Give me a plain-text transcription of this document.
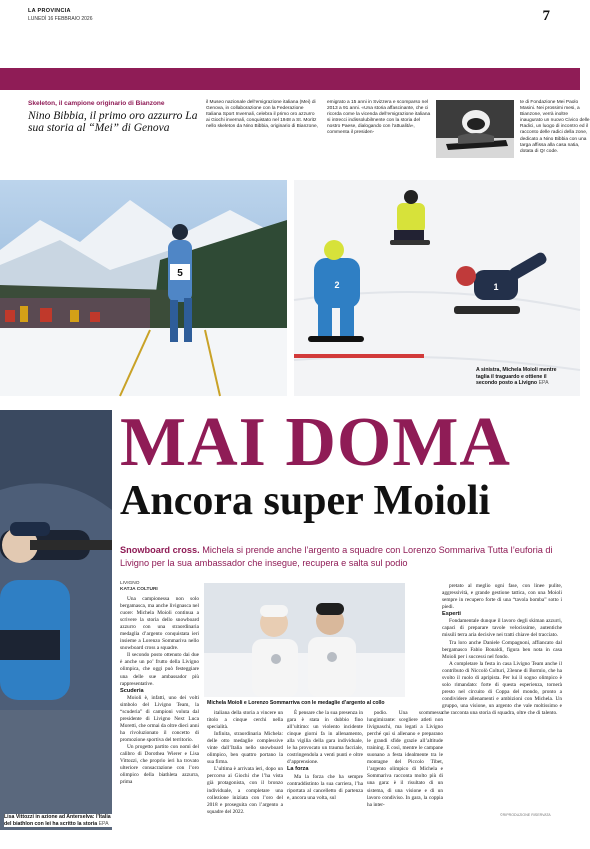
LA PROVINCIA
LUNEDÌ 16 FEBBRAIO 2026	7
Skeleton, il campione originario di Bianzone
Nino Bibbia, il primo oro azzurro La sua storia al “Mei” di Genova
il Museo nazionale dell’emigrazione italiana (Mei) di Genova, in collaborazione con la Federazione Italiana Sport Invernali, celebra il primo oro azzurro ai Giochi invernali, conquistato nel 1948 a St. Moritz nello skeleton da Nino Bibbia, originario di Bianzone,
emigrato a 15 anni in Svizzera e scomparso nel 2013 a 91 anni. «Una storia affascinante, che ci ricorda come la vicenda dell’emigrazione italiana si intrecci indissolubilmente con la storia del nostro Paese, dialogando con l’attualità», commenta il presiden-
te di Fondazione Mei Paolo Masini. Nei prossimi mesi, a Bianzone, verrà inoltre inaugurato un nuovo Civico delle Radici, un luogo di incontro ed il racconto delle radici della zone, dedicato a Nino Bibbia con una targa affissa alla casa natia, dotata di Qr code.
5
2	1
A sinistra, Michela Moioli mentre taglia il traguardo e ottiene il secondo posto a Livigno EPA
Lisa Vittozzi in azione ad Anterselva: l’Italia del biathlon con lei ha scritto la storia EPA
MAI DOMA
Ancora super Moioli
Snowboard cross. Michela si prende anche l’argento a squadre con Lorenzo Sommariva Tutta l’euforia di Livigno per la sua ambassador che insegue, recupera e salta sul podio
LIVIGNO
KATJA COLTURI

Una campionessa non solo bergamasca, ma anche livignasca nel cuore: Michela Moioli continua a scrivere la storia dello snowboard azzurro con una straordinaria medaglia d’argento conquistata ieri insieme a Lorenzo Sommariva nello snowboard cross a squadre.

Il secondo posto ottenuto dai due è anche un po’ frutto della Livigno olimpica, che oggi può festeggiare una delle sue ambassador più rappresentative.

Scuderia

Moioli è, infatti, uno dei volti simbolo del Livigno Team, la “scuderia” di campioni voluta dal presidente di Livigno Next Luca Moretti, che ormai da oltre dieci anni ha rivoluzionato il concetto di promozione sportiva del territorio.

Un progetto partito con nomi del calibro di Dorothea Wierer e Lisa Vittozzi, che proprio ieri ha trovato ulteriore consacrazione con l’oro olimpico della biathleta azzurra, prima

Michela Moioli e Lorenzo Sommarriva con le medaglie d’argento al collo

italiana della storia a vincere un titolo a cinque cerchi nella specialità.

Infinita, straordinaria Michela: delle otto medaglie complessive vinte dall’Italia nello snowboard olimpico, ben quattro portano la sua firma.

L’ultima è arrivata ieri, dopo un percorso ai Giochi che l’ha vista già protagonista, con il bronzo individuale, a completare una collezione iniziata con l’oro del 2018 e proseguita con l’argento a squadre del 2022.

È pensare che la sua presenza in gara è stata in dubbio fino all’ultimo: un violento incidente cinque giorni fa in allenamento, alla vigilia della gara individuale, le ha provocato un trauma facciale, costringendola a venti punti e oltre d’apprensione.

La forza

Ma la forza che ha sempre contraddistinto la sua carriera, l’ha riportata al cancelletto di partenza e, ancora una volta, sul

podio. Una scommessa lungimirante: scegliere atleti non livignaschi, ma legati a Livigno perché qui si allenano e preparano le grandi sfide grazie all’altitude training. E così, mentre le campane suonano a festa idealmente tra le montagne del Piccolo Tibet, l’argento olimpico di Michela e Sommariva racconta molto più di una gara: è il risultato di un sistema, di una visione e di un lavoro condiviso. In gara, la coppia ha inter-

pretato al meglio ogni fase, con linee pulite, aggressività, e grande gestione tattica, con una Moioli sempre in recupero forte di una “tavola bomba” sotto i piedi.

Esperti

Fondamentale dunque il lavoro degli skiman azzurri, capaci di preparare tavole velocissime, autentiche missili terra aria decisive nei tratti chiave del tracciato.

Tra loro anche Daniele Compagnoni, affiancato dal bergamasco Fabio Bonaldi, figura ben nota in casa Moioli per i successi nel fondo.

A completare la festa in casa Livigno Team anche il contributo di Niccolò Colturi, 23enne di Bormio, che ha svolto il ruolo di apripista. Per lui il sogno olimpico è solo rimandato: forte di questa esperienza, tornerà presto nel circuito di Coppa del mondo, pronto a condividere allenamenti e ambizioni con Michela. Un gruppo, una visione, un argento che vale moltissimo e che racconta una storia di squadra, oltre che di talento.

©RIPRODUZIONE RISERVATA
